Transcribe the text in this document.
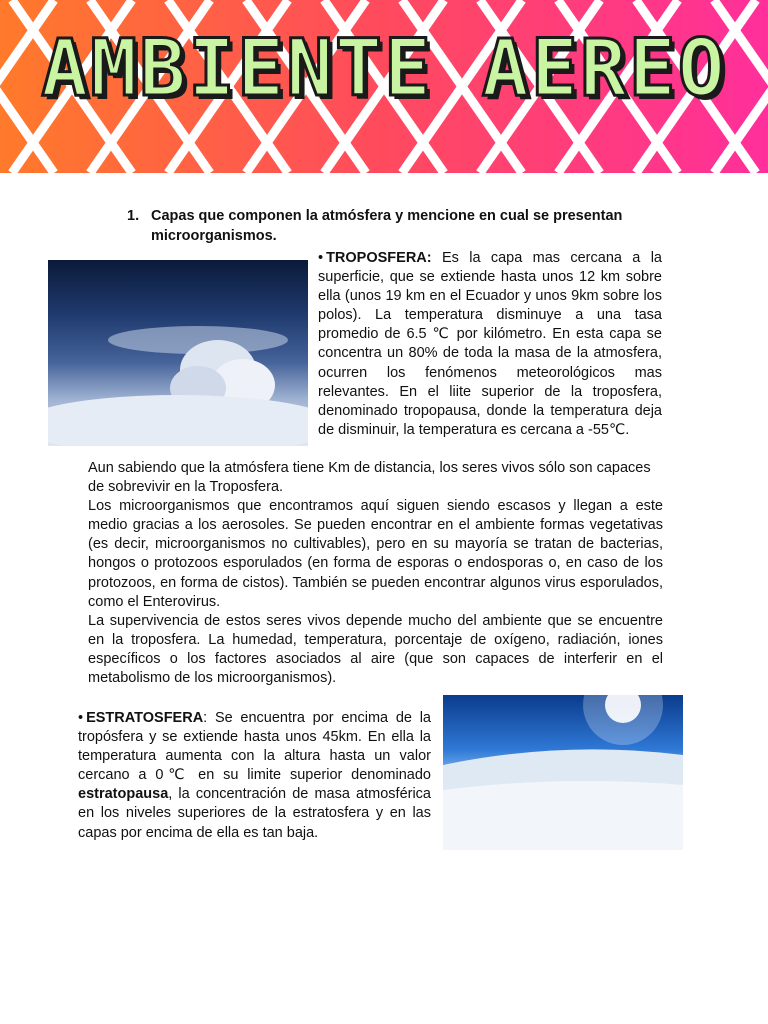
AMBIENTE AEREO
1. Capas que componen la atmósfera y mencione en cual se presentan microorganismos.
• TROPOSFERA: Es la capa mas cercana a la superficie, que se extiende hasta unos 12 km sobre ella (unos 19 km en el Ecuador y unos 9km sobre los polos). La temperatura disminuye a una tasa promedio de 6.5 ℃ por kilómetro. En esta capa se concentra un 80% de toda la masa de la atmosfera, ocurren los fenómenos meteorológicos mas relevantes. En el liite superior de la troposfera, denominado tropopausa, donde la temperatura deja de disminuir, la temperatura es cercana a -55℃.

Aun sabiendo que la atmósfera tiene Km de distancia, los seres vivos sólo son capaces de sobrevivir en la Troposfera.

Los microorganismos que encontramos aquí siguen siendo escasos y llegan a este medio gracias a los aerosoles. Se pueden encontrar en el ambiente formas vegetativas (es decir, microorganismos no cultivables), pero en su mayoría se tratan de bacterias, hongos o protozoos esporulados (en forma de esporas o endosporas o, en caso de los protozoos, en forma de cistos). También se pueden encontrar algunos virus esporulados, como el Enterovirus.

La supervivencia de estos seres vivos depende mucho del ambiente que se encuentre en la troposfera. La humedad, temperatura, porcentaje de oxígeno, radiación, iones específicos o los factores asociados al aire (que son capaces de interferir en el metabolismo de los microorganismos).

• ESTRATOSFERA: Se encuentra por encima de la tropósfera y se extiende hasta unos 45km. En ella la temperatura aumenta con la altura hasta un valor cercano a 0℃ en su limite superior denominado estratopausa, la concentración de masa atmosférica en los niveles superiores de la estratosfera y en las capas por encima de ella es tan baja.
